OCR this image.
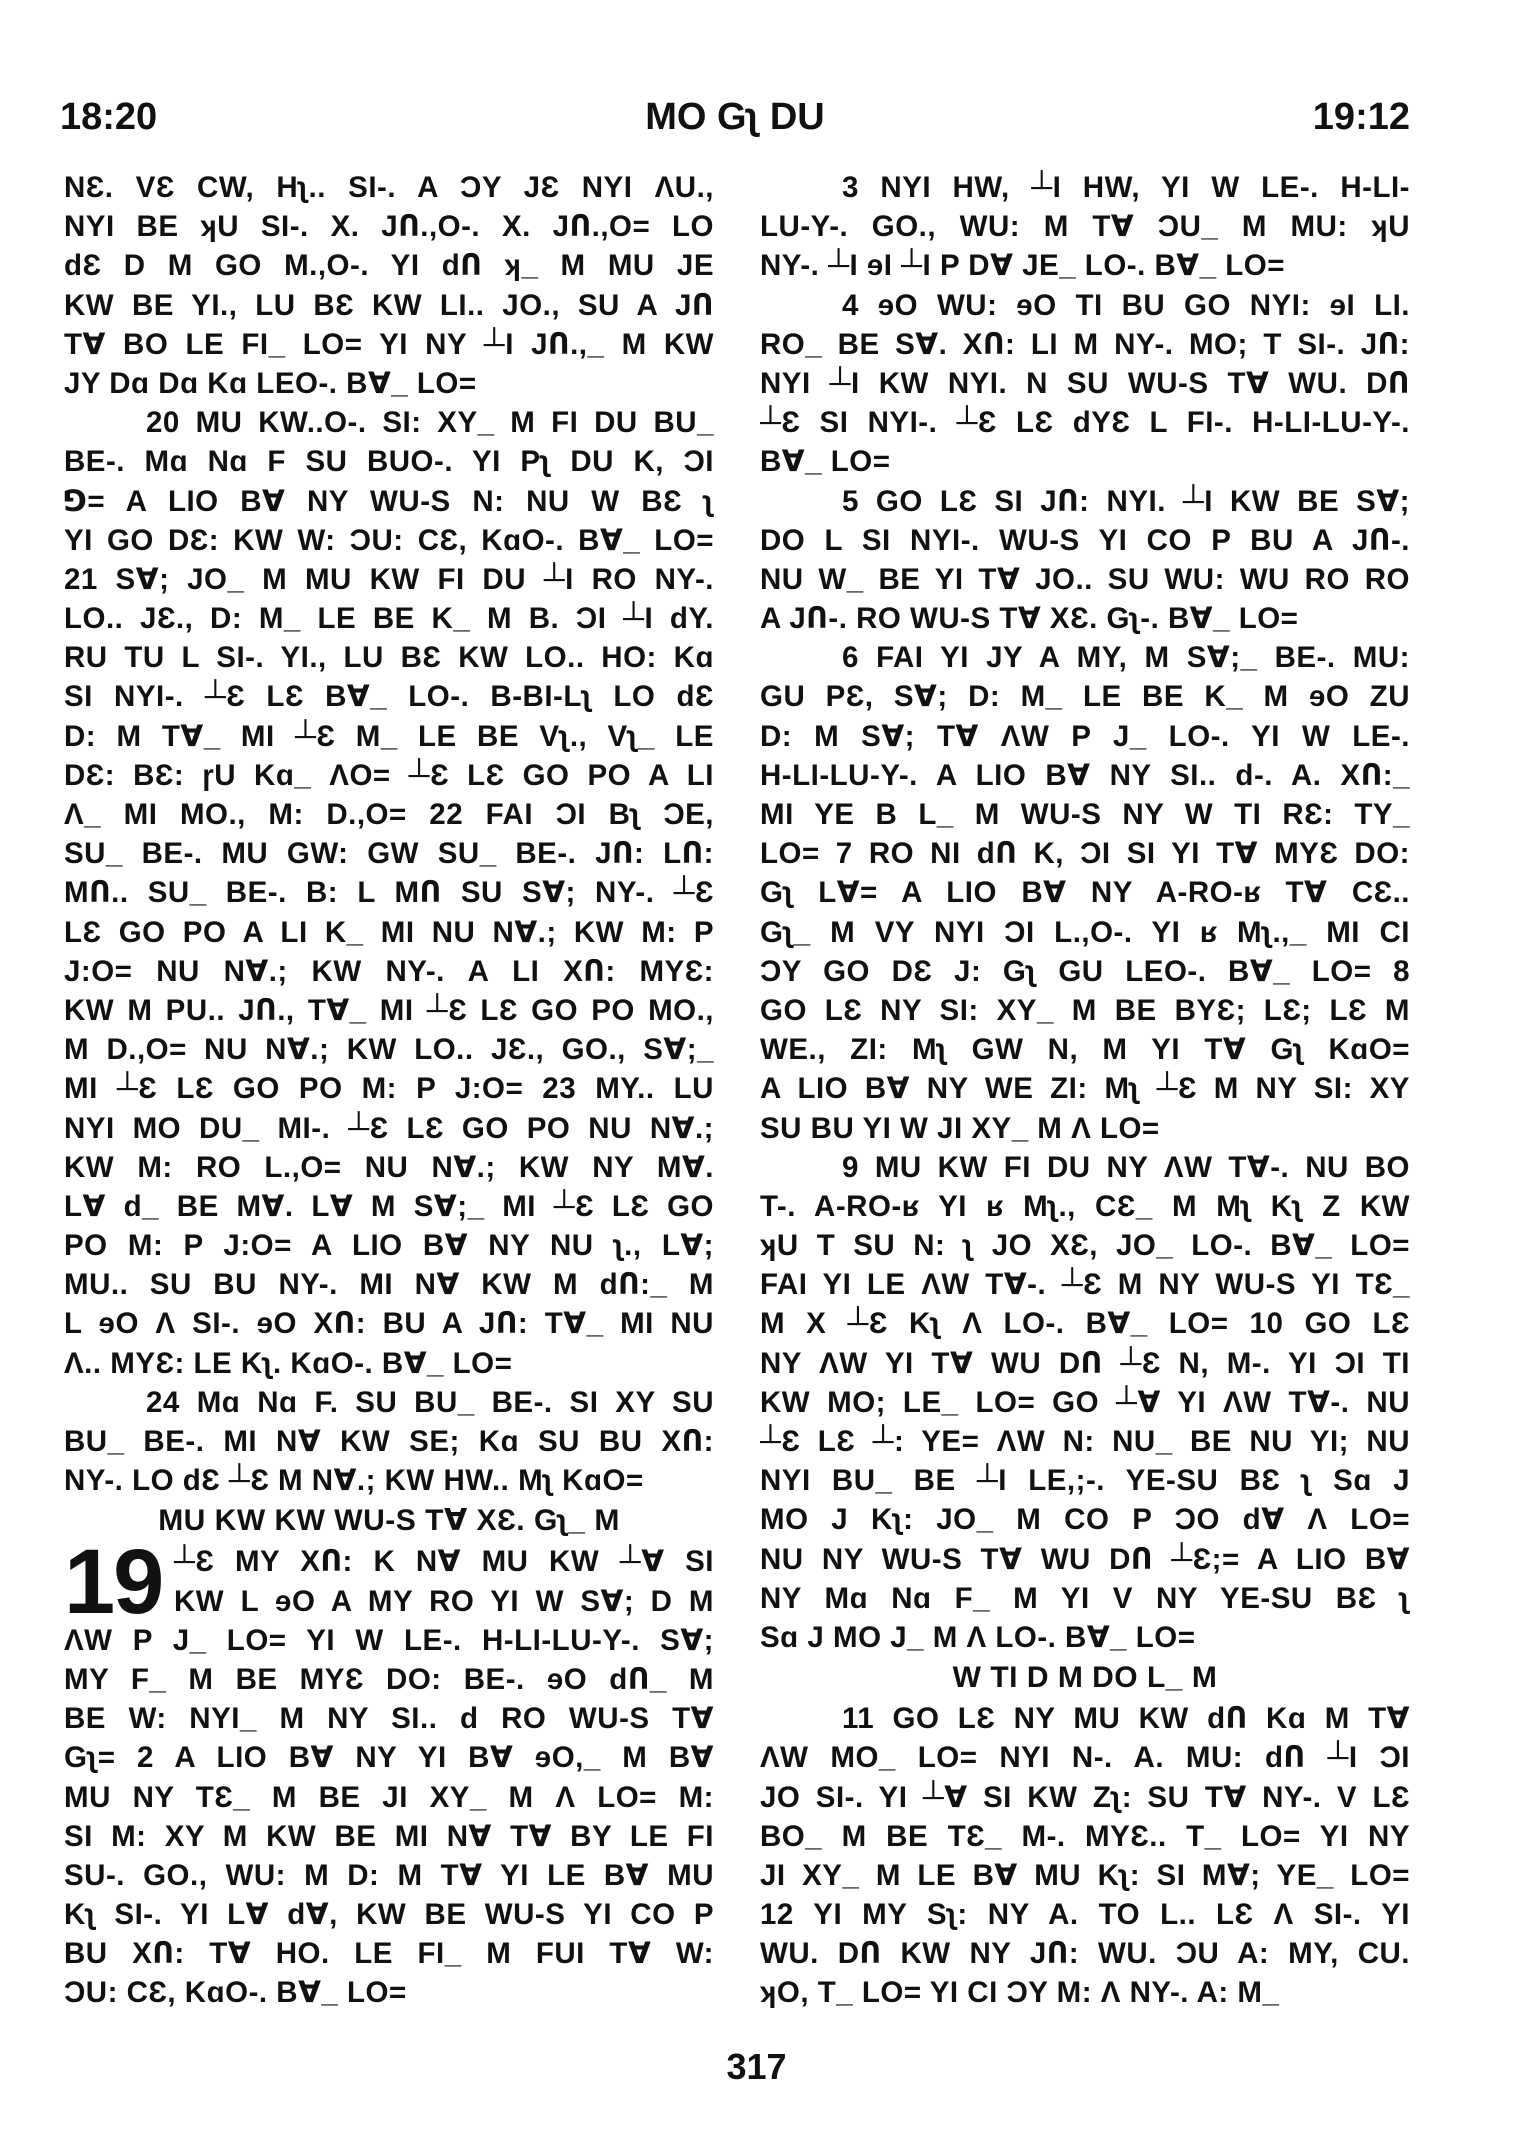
18:20	MO Gʅ DU	19:12
NƐ. VƐ CW, Hʅ.. SI-. A ƆY JƐ NYI ɅU.,
NYI BE ʞU SI-. X. JՈ.,O-. X. JՈ.,O= LO
dƐ D M GO M.,O-. YI dՈ ʞ_ M MU JE
KW BE YI., LU BƐ KW LI.. JO., SU A JՈ
T∀ BO LE FI_ LO= YI NY ┴I JՈ.,_ M KW
JY Dɑ Dɑ Kɑ LEO-. B∀_ LO=
20 MU KW..O-. SI: XY_ M FI DU BU_
BE-. Mɑ Nɑ F SU BUO-. YI Pʅ DU K, ƆI
⅁= A LIO B∀ NY WU-S N: NU W BƐ ʅ
YI GO DƐ: KW W: ƆU: CƐ, KɑO-. B∀_ LO=
21 S∀; JO_ M MU KW FI DU ┴I RO NY-.
LO.. JƐ., D: M_ LE BE K_ M B. ƆI ┴I dY.
RU TU L SI-. YI., LU BƐ KW LO.. HO: Kɑ
SI NYI-. ┴Ɛ LƐ B∀_ LO-. B-BI-Lʅ LO dƐ
D: M T∀_ MI ┴Ɛ M_ LE BE Vʅ., Vʅ_ LE
DƐ: BƐ: ɼU Kɑ_ ɅO= ┴Ɛ LƐ GO PO A LI
Ʌ_ MI MO., M: D.,O= 22 FAI ƆI Bʅ ƆE,
SU_ BE-. MU GW: GW SU_ BE-. JՈ: LՈ:
MՈ.. SU_ BE-. B: L MՈ SU S∀; NY-. ┴Ɛ
LƐ GO PO A LI K_ MI NU N∀.; KW M: P
J:O= NU N∀.; KW NY-. A LI XՈ: MYƐ:
KW M PU.. JՈ., T∀_ MI ┴Ɛ LƐ GO PO MO.,
M D.,O= NU N∀.; KW LO.. JƐ., GO., S∀;_
MI ┴Ɛ LƐ GO PO M: P J:O= 23 MY.. LU
NYI MO DU_ MI-. ┴Ɛ LƐ GO PO NU N∀.;
KW M: RO L.,O= NU N∀.; KW NY M∀.
L∀ d_ BE M∀. L∀ M S∀;_ MI ┴Ɛ LƐ GO
PO M: P J:O= A LIO B∀ NY NU ʅ., L∀;
MU.. SU BU NY-. MI N∀ KW M dՈ:_ M
L ɘO Ʌ SI-. ɘO XՈ: BU A JՈ: T∀_ MI NU
Ʌ.. MYƐ: LE Kʅ. KɑO-. B∀_ LO=
24 Mɑ Nɑ F. SU BU_ BE-. SI XY SU
BU_ BE-. MI N∀ KW SE; Kɑ SU BU XՈ:
NY-. LO dƐ ┴Ɛ M N∀.; KW HW.. Mʅ KɑO=
MU KW KW WU-S T∀ XƐ. Gʅ_ M
19 ┴Ɛ MY XՈ: K N∀ MU KW ┴∀ SI
KW L ɘO A MY RO YI W S∀; D M
ɅW P J_ LO= YI W LE-. H-LI-LU-Y-. S∀;
MY F_ M BE MYƐ DO: BE-. ɘO dՈ_ M
BE W: NYI_ M NY SI.. d RO WU-S T∀
Gʅ= 2 A LIO B∀ NY YI B∀ ɘO,_ M B∀
MU NY TƐ_ M BE JI XY_ M Ʌ LO= M:
SI M: XY M KW BE MI N∀ T∀ BY LE FI
SU-. GO., WU: M D: M T∀ YI LE B∀ MU
Kʅ SI-. YI L∀ d∀, KW BE WU-S YI CO P
BU XՈ: T∀ HO. LE FI_ M FUI T∀ W:
ƆU: CƐ, KɑO-. B∀_ LO=
3 NYI HW, ┴I HW, YI W LE-. H-LI-
LU-Y-. GO., WU: M T∀ ƆU_ M MU: ʞU
NY-. ┴I ɘI ┴I P D∀ JE_ LO-. B∀_ LO=
4 ɘO WU: ɘO TI BU GO NYI: ɘI LI.
RO_ BE S∀. XՈ: LI M NY-. MO; T SI-. JՈ:
NYI ┴I KW NYI. N SU WU-S T∀ WU. DՈ
┴Ɛ SI NYI-. ┴Ɛ LƐ dYƐ L FI-. H-LI-LU-Y-.
B∀_ LO=
5 GO LƐ SI JՈ: NYI. ┴I KW BE S∀;
DO L SI NYI-. WU-S YI CO P BU A JՈ-.
NU W_ BE YI T∀ JO.. SU WU: WU RO RO
A JՈ-. RO WU-S T∀ XƐ. Gʅ-. B∀_ LO=
6 FAI YI JY A MY, M S∀;_ BE-. MU:
GU PƐ, S∀; D: M_ LE BE K_ M ɘO ZU
D: M S∀; T∀ ɅW P J_ LO-. YI W LE-.
H-LI-LU-Y-. A LIO B∀ NY SI.. d-. A. XՈ:_
MI YE B L_ M WU-S NY W TI RƐ: TY_
LO= 7 RO NI dՈ K, ƆI SI YI T∀ MYƐ DO:
Gʅ L∀= A LIO B∀ NY A-RO-ʁ T∀ CƐ..
Gʅ_ M VY NYI ƆI L.,O-. YI ʁ Mʅ.,_ MI CI
ƆY GO DƐ J: Gʅ GU LEO-. B∀_ LO= 8
GO LƐ NY SI: XY_ M BE BYƐ; LƐ; LƐ M
WE., ZI: Mʅ GW N, M YI T∀ Gʅ KɑO=
A LIO B∀ NY WE ZI: Mʅ ┴Ɛ M NY SI: XY
SU BU YI W JI XY_ M Ʌ LO=
9 MU KW FI DU NY ɅW T∀-. NU BO
T-. A-RO-ʁ YI ʁ Mʅ., CƐ_ M Mʅ Kʅ Z KW
ʞU T SU N: ʅ JO XƐ, JO_ LO-. B∀_ LO=
FAI YI LE ɅW T∀-. ┴Ɛ M NY WU-S YI TƐ_
M X ┴Ɛ Kʅ Ʌ LO-. B∀_ LO= 10 GO LƐ
NY ɅW YI T∀ WU DՈ ┴Ɛ N, M-. YI ƆI TI
KW MO; LE_ LO= GO ┴∀ YI ɅW T∀-. NU
┴Ɛ LƐ ┴: YE= ɅW N: NU_ BE NU YI; NU
NYI BU_ BE ┴I LE,;-. YE-SU BƐ ʅ Sɑ J
MO J Kʅ: JO_ M CO P ƆO d∀ Ʌ LO=
NU NY WU-S T∀ WU DՈ ┴Ɛ;= A LIO B∀
NY Mɑ Nɑ F_ M YI V NY YE-SU BƐ ʅ
Sɑ J MO J_ M Ʌ LO-. B∀_ LO=
W TI D M DO L_ M
11 GO LƐ NY MU KW dՈ Kɑ M T∀
ɅW MO_ LO= NYI N-. A. MU: dՈ ┴I ƆI
JO SI-. YI ┴∀ SI KW Zʅ: SU T∀ NY-. V LƐ
BO_ M BE TƐ_ M-. MYƐ.. T_ LO= YI NY
JI XY_ M LE B∀ MU Kʅ: SI M∀; YE_ LO=
12 YI MY Sʅ: NY A. TO L.. LƐ Ʌ SI-. YI
WU. DՈ KW NY JՈ: WU. ƆU A: MY, CU.
ʞO, T_ LO= YI CI ƆY M: Ʌ NY-. A: M_
317
